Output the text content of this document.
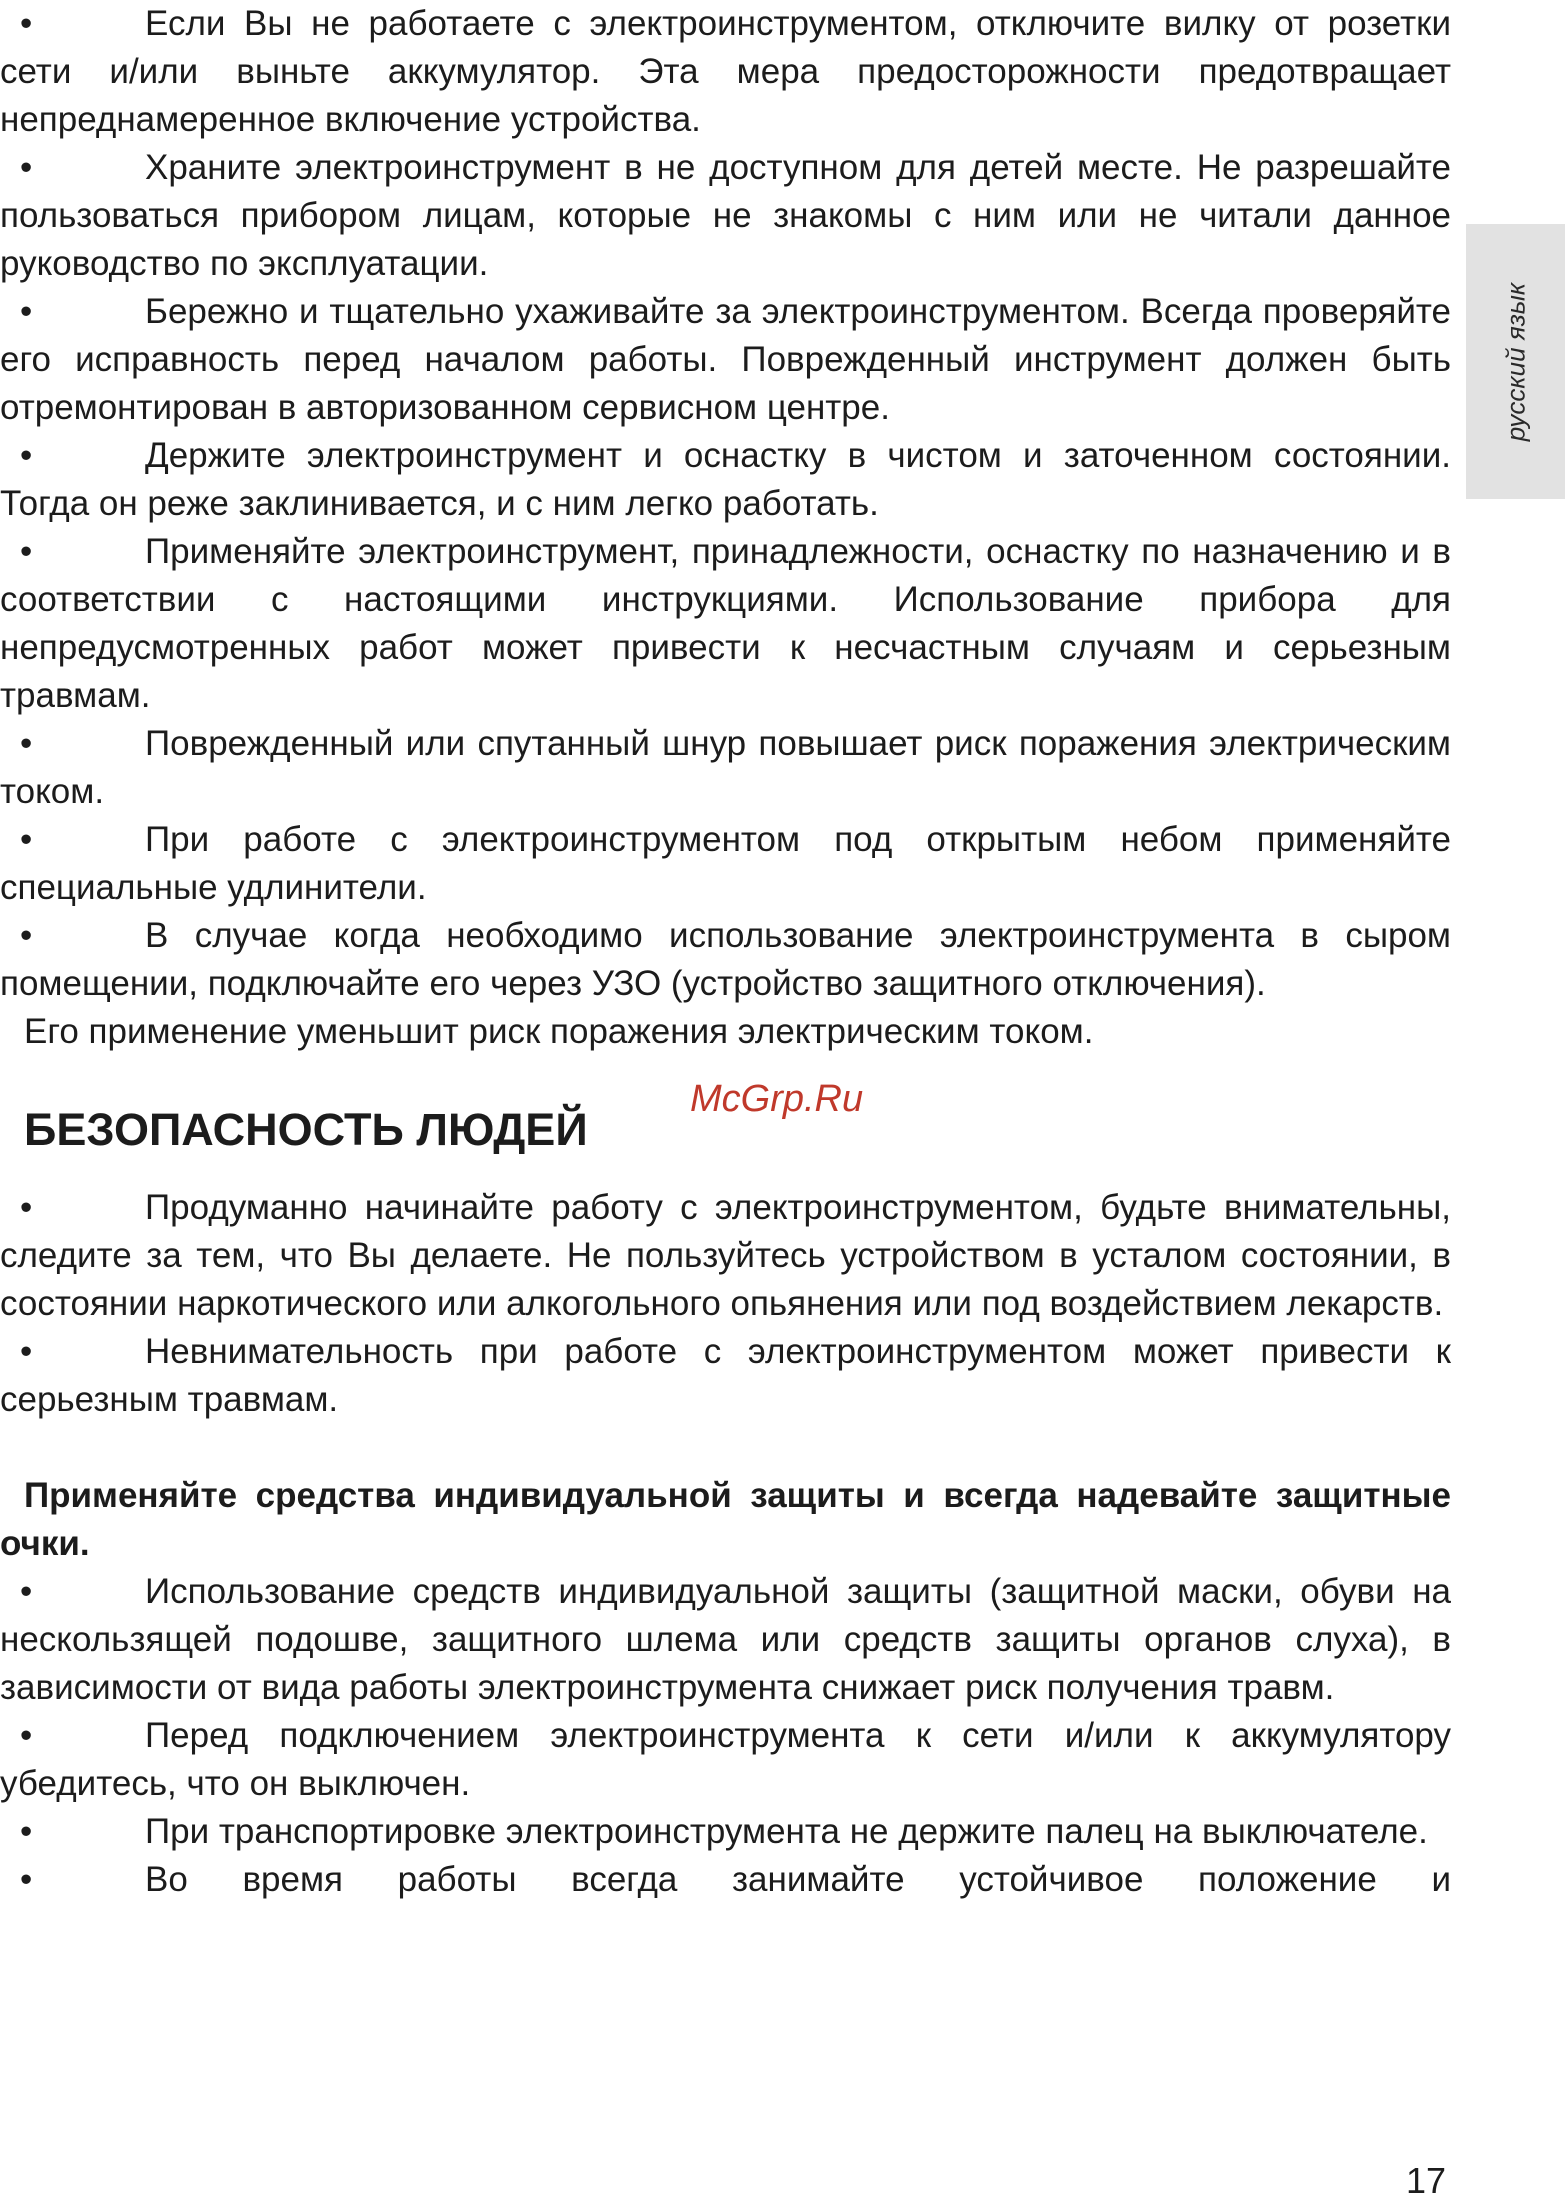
•	Если Вы не работаете с электроинструментом, отключите вилку от розетки сети и/или выньте аккумулятор. Эта мера предосторожности предотвращает непреднамеренное включение устройства.

•	Храните электроинструмент в не доступном для детей месте. Не разрешайте пользоваться прибором лицам, которые не знакомы с ним или не читали данное руководство по эксплуатации.

•	Бережно и тщательно ухаживайте за электроинструментом. Всегда проверяйте его исправность перед началом работы. Поврежденный инструмент должен быть отремонтирован в авторизованном сервисном центре.

•	Держите электроинструмент и оснастку в чистом и заточенном состоянии. Тогда он реже заклинивается, и с ним легко работать.

•	Применяйте электроинструмент, принадлежности, оснастку по назначению и в соответствии с настоящими инструкциями. Использование прибора для непредусмотренных работ может привести к несчастным случаям и серьезным травмам.

•	Поврежденный или спутанный шнур повышает риск поражения электрическим током.

•	При работе с электроинструментом под открытым небом применяйте специальные удлинители.

•	В случае когда необходимо использование электроинструмента в сыром помещении, подключайте его через УЗО (устройство защитного отключения).

Его применение уменьшит риск поражения электрическим током.

БЕЗОПАСНОСТЬ ЛЮДЕЙ

•	Продуманно начинайте работу с электроинструментом, будьте внимательны, следите за тем, что Вы делаете. Не пользуйтесь устройством в усталом состоянии, в состоянии наркотического или алкогольного опьянения или под воздействием лекарств.

•	Невнимательность при работе с электроинструментом может привести к серьезным травмам.

Применяйте средства индивидуальной защиты и всегда надевайте защитные очки.

•	Использование средств индивидуальной защиты (защитной маски, обуви на нескользящей подошве, защитного шлема или средств защиты органов слуха), в зависимости от вида работы электроинструмента снижает риск получения травм.

•	Перед подключением электроинструмента к сети и/или к аккумулятору убедитесь, что он выключен.

•	При транспортировке электроинструмента не держите палец на выключателе.

•	Во время работы всегда занимайте устойчивое положение и

русский язык
McGrp.Ru
17
